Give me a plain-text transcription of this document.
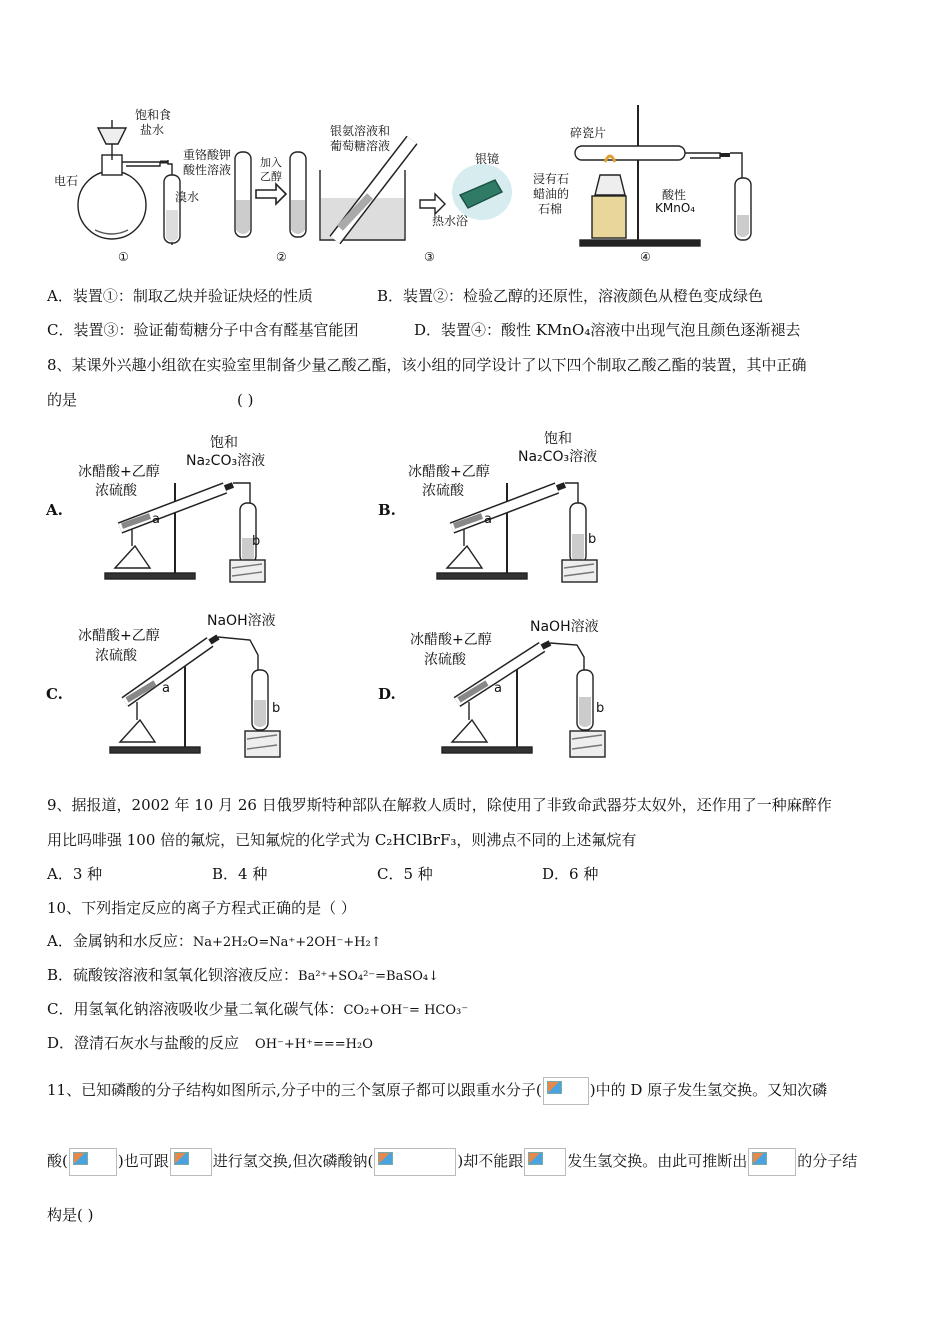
饱和食
盐水
电石
溴水
重铬酸钾
酸性溶液
加入
乙醇
银氨溶液和
葡萄糖溶液
银镜
热水浴
碎瓷片
浸有石
蜡油的
石棉
酸性
KMnO₄
①	②	③	④
A．装置①：制取乙炔并验证炔烃的性质	B．装置②：检验乙醇的还原性，溶液颜色从橙色变成绿色
C．装置③：验证葡萄糖分子中含有醛基官能团	D．装置④：酸性 KMnO₄溶液中出现气泡且颜色逐渐褪去
8、某课外兴趣小组欲在实验室里制备少量乙酸乙酯，该小组的同学设计了以下四个制取乙酸乙酯的装置，其中正确
的是	( )
A.
冰醋酸+乙醇
浓硫酸
a
b
饱和
Na₂CO₃溶液
B.
冰醋酸+乙醇
浓硫酸
a
b
饱和
Na₂CO₃溶液
C.
冰醋酸+乙醇
浓硫酸
a
b
NaOH溶液
D.
冰醋酸+乙醇
浓硫酸
a
b
NaOH溶液
9、据报道，2002 年 10 月 26 日俄罗斯特种部队在解救人质时，除使用了非致命武器芬太奴外，还作用了一种麻醉作
用比吗啡强 100 倍的氟烷，已知氟烷的化学式为 C₂HClBrF₃，则沸点不同的上述氟烷有
A．3 种	B．4 种	C．5 种	D．6 种
10、下列指定反应的离子方程式正确的是（ ）
A．金属钠和水反应：Na+2H₂O=Na⁺+2OH⁻+H₂↑
B．硫酸铵溶液和氢氧化钡溶液反应：Ba²⁺+SO₄²⁻=BaSO₄↓
C．用氢氧化钠溶液吸收少量二氧化碳气体：CO₂+OH⁻= HCO₃⁻
D．澄清石灰水与盐酸的反应 OH⁻+H⁺===H₂O
11、已知磷酸的分子结构如图所示,分子中的三个氢原子都可以跟重水分子(	)中的 D 原子发生氢交换。又知次磷
酸(	)也可跟	进行氢交换,但次磷酸钠(	)却不能跟	发生氢交换。由此可推断出	的分子结
构是( )
